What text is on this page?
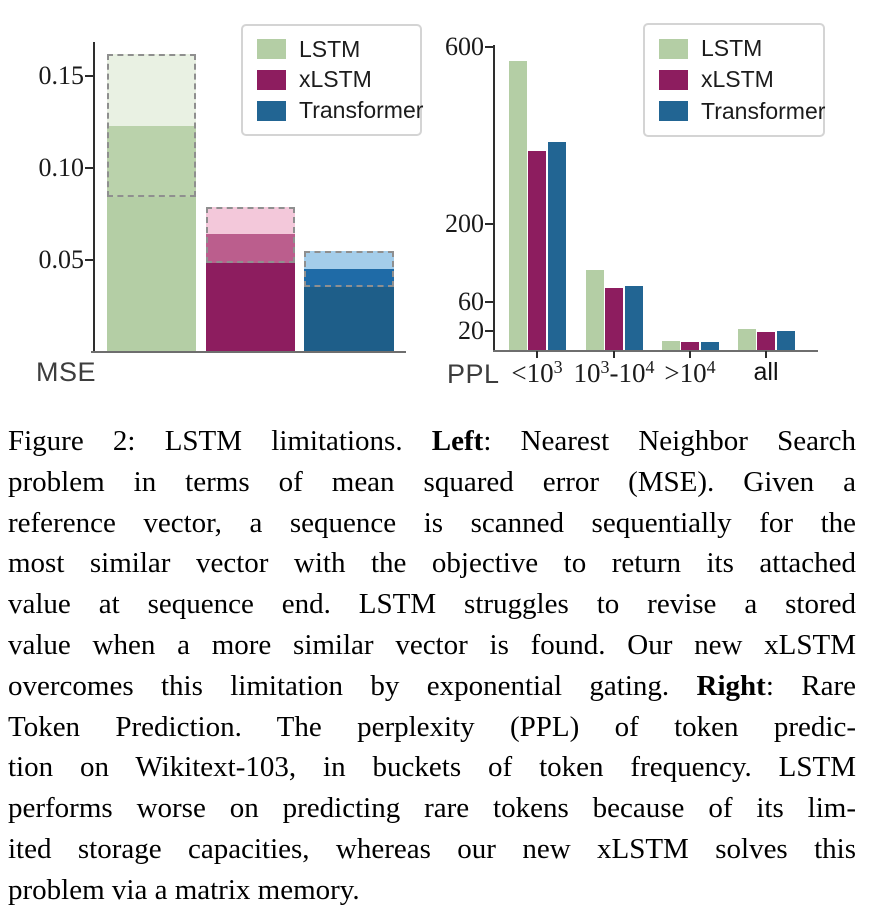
0.05
0.10
0.15
MSE
LSTM
xLSTM
Transformer
20
60
200
600
$<10^3$ $10^3-10^4 >10^4$ all
PPL
LSTM
xLSTM
Transformer
Figure 2: LSTM limitations. Left: Nearest Neighbor Search
problem in terms of mean squared error (MSE). Given a
reference vector, a sequence is scanned sequentially for the
most similar vector with the objective to return its attached
value at sequence end. LSTM struggles to revise a stored
value when a more similar vector is found. Our new xLSTM
overcomes this limitation by exponential gating. Right: Rare
Token Prediction. The perplexity (PPL) of token predic-
tion on Wikitext-103, in buckets of token frequency. LSTM
performs worse on predicting rare tokens because of its lim-
ited storage capacities, whereas our new xLSTM solves this
problem via a matrix memory.
